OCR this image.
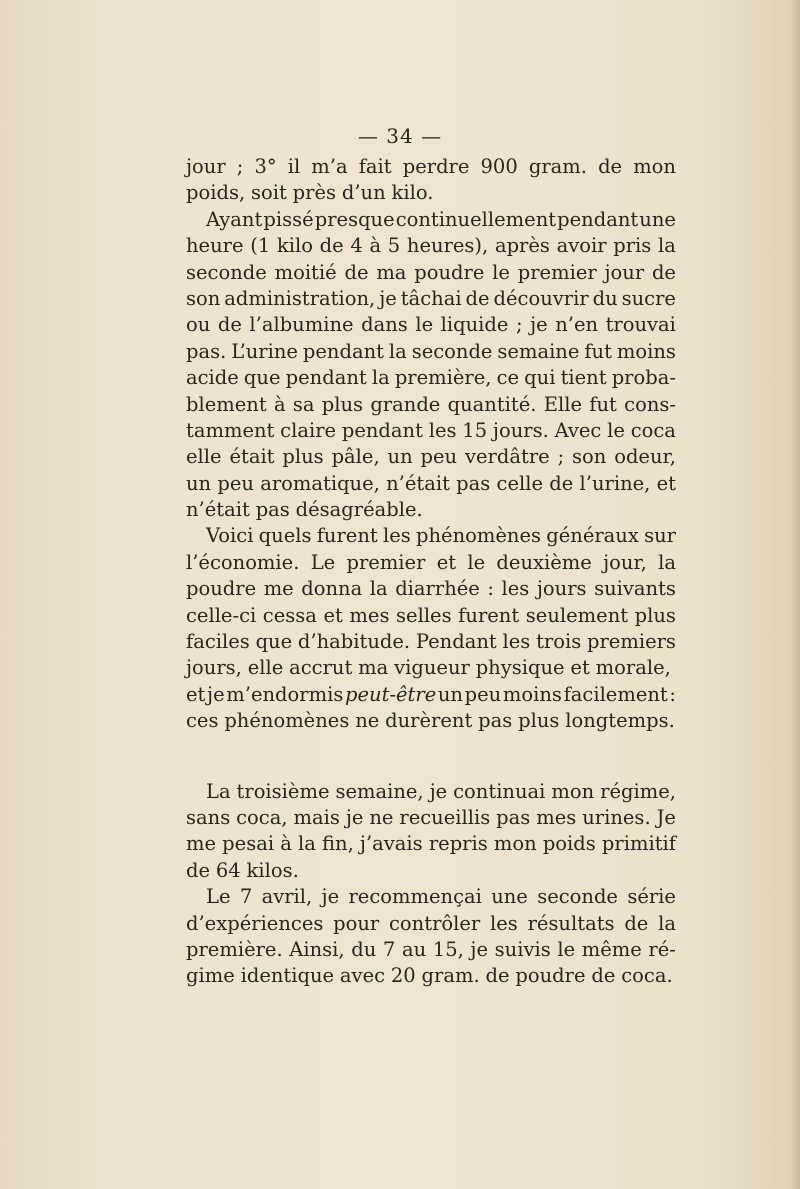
— 34 —
jour ; 3° il m’a fait perdre 900 gram. de mon
poids, soit près d’un kilo.
Ayant pissé presque continuellement pendant une
heure (1 kilo de 4 à 5 heures), après avoir pris la
seconde moitié de ma poudre le premier jour de
son administration, je tâchai de découvrir du sucre
ou de l’albumine dans le liquide ; je n’en trouvai
pas. L’urine pendant la seconde semaine fut moins
acide que pendant la première, ce qui tient proba-
blement à sa plus grande quantité. Elle fut cons-
tamment claire pendant les 15 jours. Avec le coca
elle était plus pâle, un peu verdâtre ; son odeur,
un peu aromatique, n’était pas celle de l’urine, et
n’était pas désagréable.
Voici quels furent les phénomènes généraux sur
l’économie. Le premier et le deuxième jour, la
poudre me donna la diarrhée : les jours suivants
celle-ci cessa et mes selles furent seulement plus
faciles que d’habitude. Pendant les trois premiers
jours, elle accrut ma vigueur physique et morale,
et je m’endormis peut-être un peu moins facilement :
ces phénomènes ne durèrent pas plus longtemps.
La troisième semaine, je continuai mon régime,
sans coca, mais je ne recueillis pas mes urines. Je
me pesai à la fin, j’avais repris mon poids primitif
de 64 kilos.
Le 7 avril, je recommençai une seconde série
d’expériences pour contrôler les résultats de la
première. Ainsi, du 7 au 15, je suivis le même ré-
gime identique avec 20 gram. de poudre de coca.
